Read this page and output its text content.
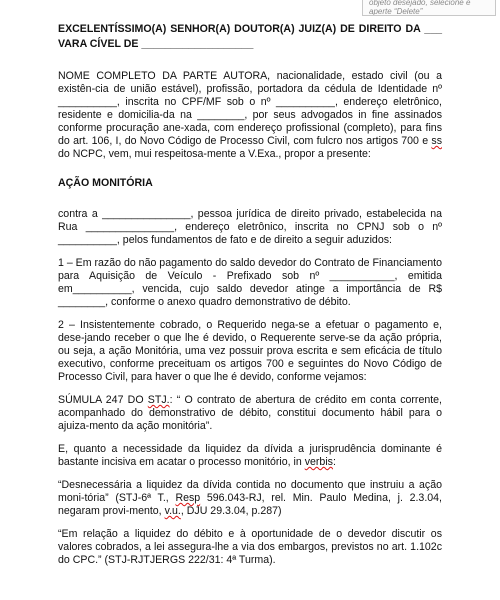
objeto desejado, selecione e aperte “Delete”

EXCELENTÍSSIMO(A) SENHOR(A) DOUTOR(A) JUIZ(A) DE DIREITO DA ___ VARA CÍVEL DE ___________________

NOME COMPLETO DA PARTE AUTORA, nacionalidade, estado civil (ou a existên-cia de união estável), profissão, portadora da cédula de Identidade nº __________, inscrita no CPF/MF sob o nº __________, endereço eletrônico, residente e domicilia-da na ________, por seus advogados in fine assinados conforme procuração ane-xada, com endereço profissional (completo), para fins do art. 106, I, do Novo Código de Processo Civil, com fulcro nos artigos 700 e ss do NCPC, vem, mui respeitosa-mente a V.Exa., propor a presente:

AÇÃO MONITÓRIA

contra a _______________, pessoa jurídica de direito privado, estabelecida na Rua _______________, endereço eletrônico, inscrita no CPNJ sob o nº __________, pelos fundamentos de fato e de direito a seguir aduzidos:

1 – Em razão do não pagamento do saldo devedor do Contrato de Financiamento para Aquisição de Veículo - Prefixado sob nº ___________, emitida em__________, vencida, cujo saldo devedor atinge a importância de R$ ________, conforme o anexo quadro demonstrativo de débito.

2 – Insistentemente cobrado, o Requerido nega-se a efetuar o pagamento e, dese-jando receber o que lhe é devido, o Requerente serve-se da ação própria, ou seja, a ação Monitória, uma vez possuir prova escrita e sem eficácia de título executivo, conforme preceituam os artigos 700 e seguintes do Novo Código de Processo Civil, para haver o que lhe é devido, conforme vejamos:

SÚMULA 247 DO STJ.: “ O contrato de abertura de crédito em conta corrente, acompanhado do demonstrativo de débito, constitui documento hábil para o ajuiza-mento da ação monitória”.

E, quanto a necessidade da liquidez da dívida a jurisprudência dominante é bastante incisiva em acatar o processo monitório, in verbis:

“Desnecessária a liquidez da dívida contida no documento que instruiu a ação moni-tória” (STJ-6ª T., Resp 596.043-RJ, rel. Min. Paulo Medina, j. 2.3.04, negaram provi-mento, v.u., DJU 29.3.04, p.287)

“Em relação a liquidez do débito e à oportunidade de o devedor discutir os valores cobrados, a lei assegura-lhe a via dos embargos, previstos no art. 1.102c do CPC.” (STJ-RJTJERGS 222/31: 4ª Turma).
